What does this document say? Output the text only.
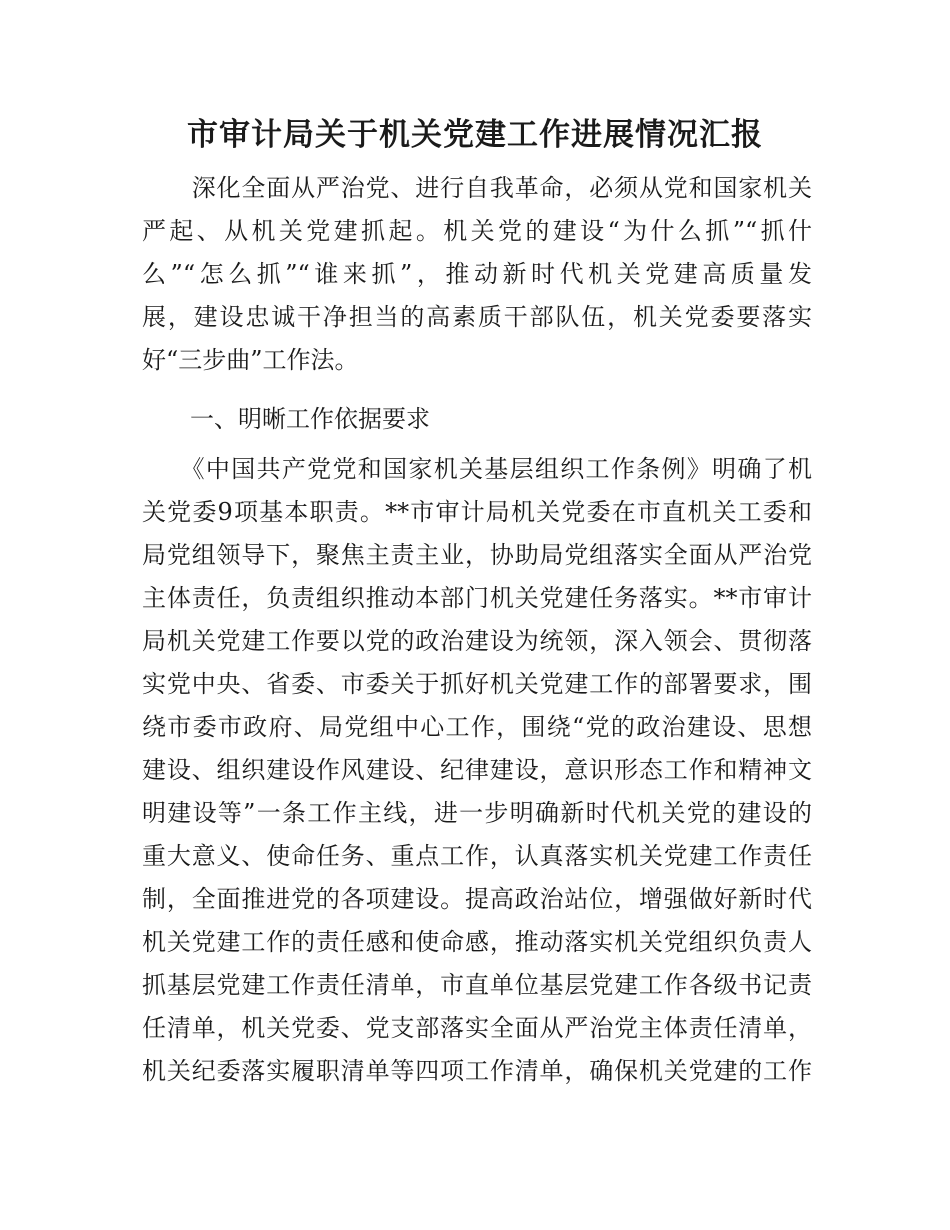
市审计局关于机关党建工作进展情况汇报
　　深化全面从严治党、进行自我革命，必须从党和国家机关
严起、从机关党建抓起。机关党的建设“为什么抓”“抓什
么”“怎么抓”“谁来抓”，推动新时代机关党建高质量发
展，建设忠诚干净担当的高素质干部队伍，机关党委要落实
好“三步曲”工作法。

一、明晰工作依据要求

　　《中国共产党党和国家机关基层组织工作条例》明确了机
关党委9项基本职责。**市审计局机关党委在市直机关工委和
局党组领导下，聚焦主责主业，协助局党组落实全面从严治党
主体责任，负责组织推动本部门机关党建任务落实。**市审计
局机关党建工作要以党的政治建设为统领，深入领会、贯彻落
实党中央、省委、市委关于抓好机关党建工作的部署要求，围
绕市委市政府、局党组中心工作，围绕“党的政治建设、思想
建设、组织建设作风建设、纪律建设，意识形态工作和精神文
明建设等”一条工作主线，进一步明确新时代机关党的建设的
重大意义、使命任务、重点工作，认真落实机关党建工作责任
制，全面推进党的各项建设。提高政治站位，增强做好新时代
机关党建工作的责任感和使命感，推动落实机关党组织负责人
抓基层党建工作责任清单，市直单位基层党建工作各级书记责
任清单，机关党委、党支部落实全面从严治党主体责任清单，
机关纪委落实履职清单等四项工作清单，确保机关党建的工作
